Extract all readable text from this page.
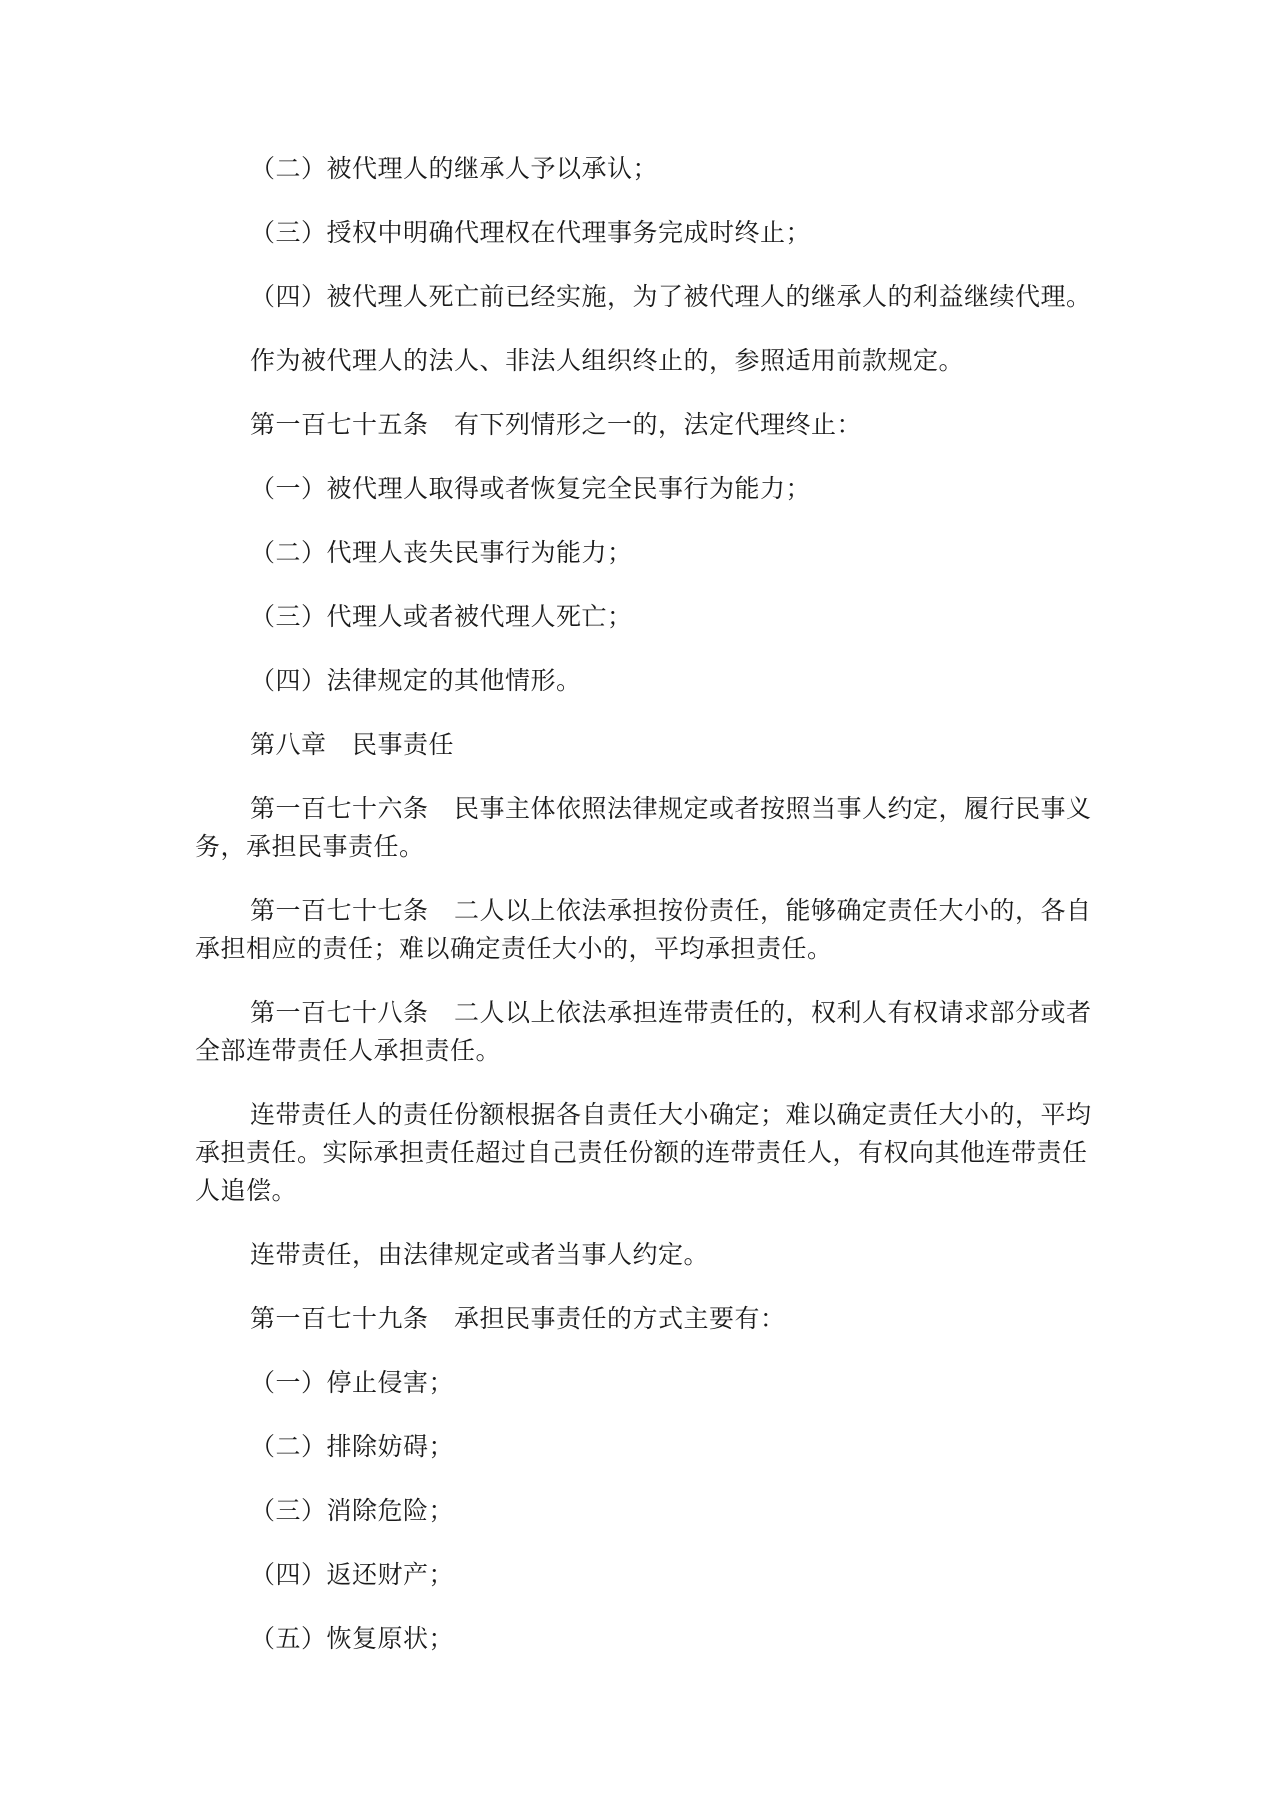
（二）被代理人的继承人予以承认；

（三）授权中明确代理权在代理事务完成时终止；

（四）被代理人死亡前已经实施，为了被代理人的继承人的利益继续代理。

作为被代理人的法人、非法人组织终止的，参照适用前款规定。

第一百七十五条　有下列情形之一的，法定代理终止：

（一）被代理人取得或者恢复完全民事行为能力；

（二）代理人丧失民事行为能力；

（三）代理人或者被代理人死亡；

（四）法律规定的其他情形。

第八章　民事责任

第一百七十六条　民事主体依照法律规定或者按照当事人约定，履行民事义务，承担民事责任。

第一百七十七条　二人以上依法承担按份责任，能够确定责任大小的，各自承担相应的责任；难以确定责任大小的，平均承担责任。

第一百七十八条　二人以上依法承担连带责任的，权利人有权请求部分或者全部连带责任人承担责任。

连带责任人的责任份额根据各自责任大小确定；难以确定责任大小的，平均承担责任。实际承担责任超过自己责任份额的连带责任人，有权向其他连带责任人追偿。

连带责任，由法律规定或者当事人约定。

第一百七十九条　承担民事责任的方式主要有：

（一）停止侵害；

（二）排除妨碍；

（三）消除危险；

（四）返还财产；

（五）恢复原状；
